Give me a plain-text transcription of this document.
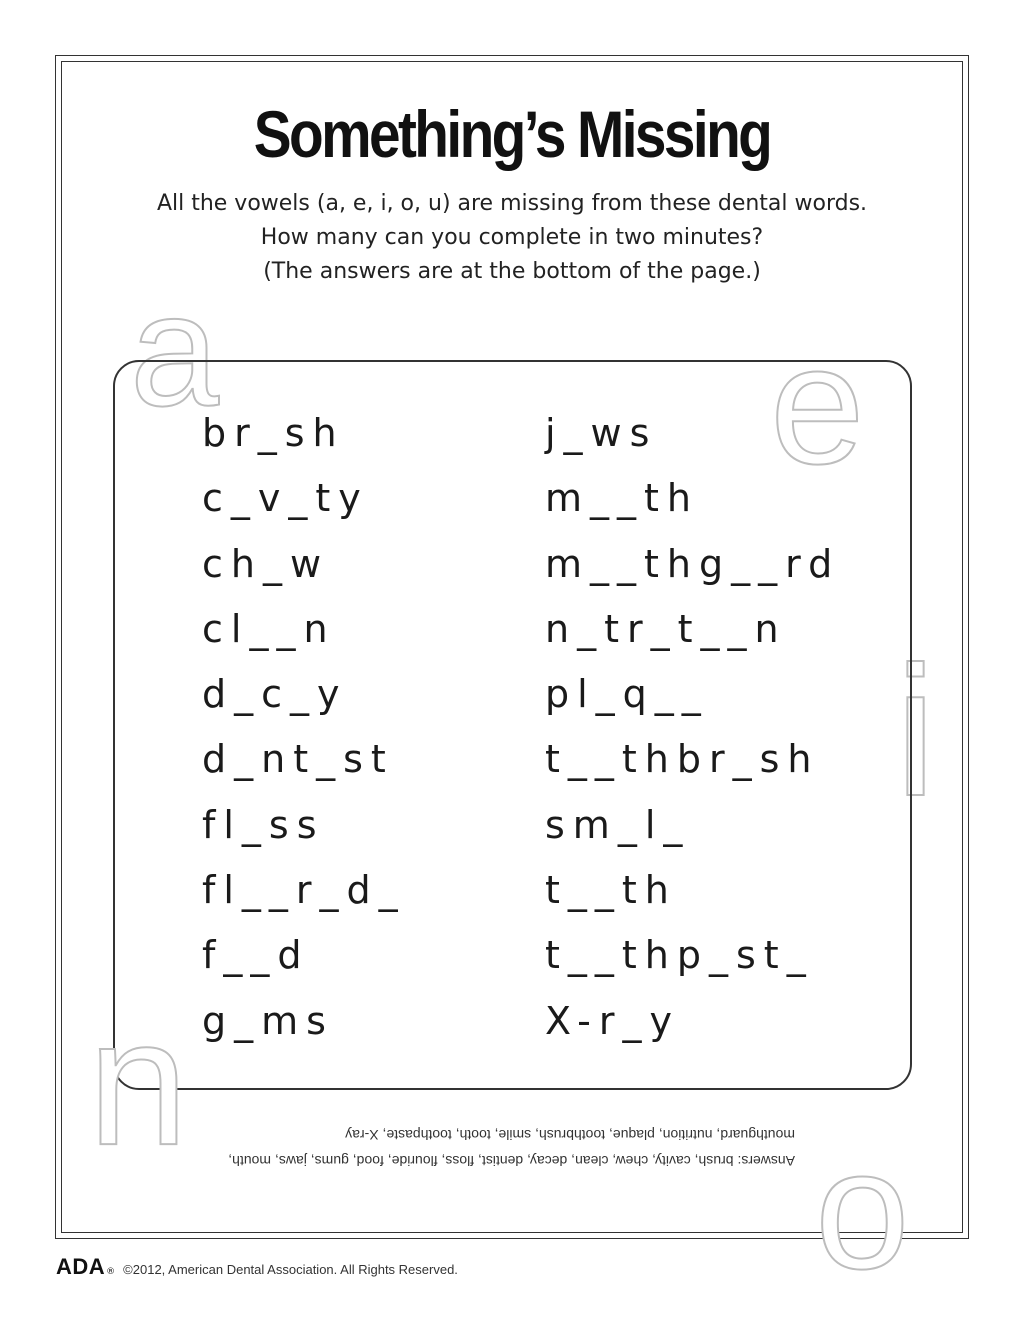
Something’s Missing
All the vowels (a, e, i, o, u) are missing from these dental words.
How many can you complete in two minutes?
(The answers are at the bottom of the page.)
a	e
i
br_sh
c_v_ty
ch_w
cl__n
d_c_y
d_nt_st
fl_ss
fl__r_d_
f__d
g_ms
j_ws
m__th
m__thg__rd
n_tr_t__n
pl_q__
t__thbr_sh
sm_l_
t__th
t__thp_st_
X-r_y
u	o
Answers: brush, cavity, chew, clean, decay, dentist, floss, flouride, food, gums, jaws, mouth,
mouthguard, nutrition, plaque, toothbrush, smile, tooth, toothpaste, X-ray
ADA ® ©2012, American Dental Association. All Rights Reserved.
